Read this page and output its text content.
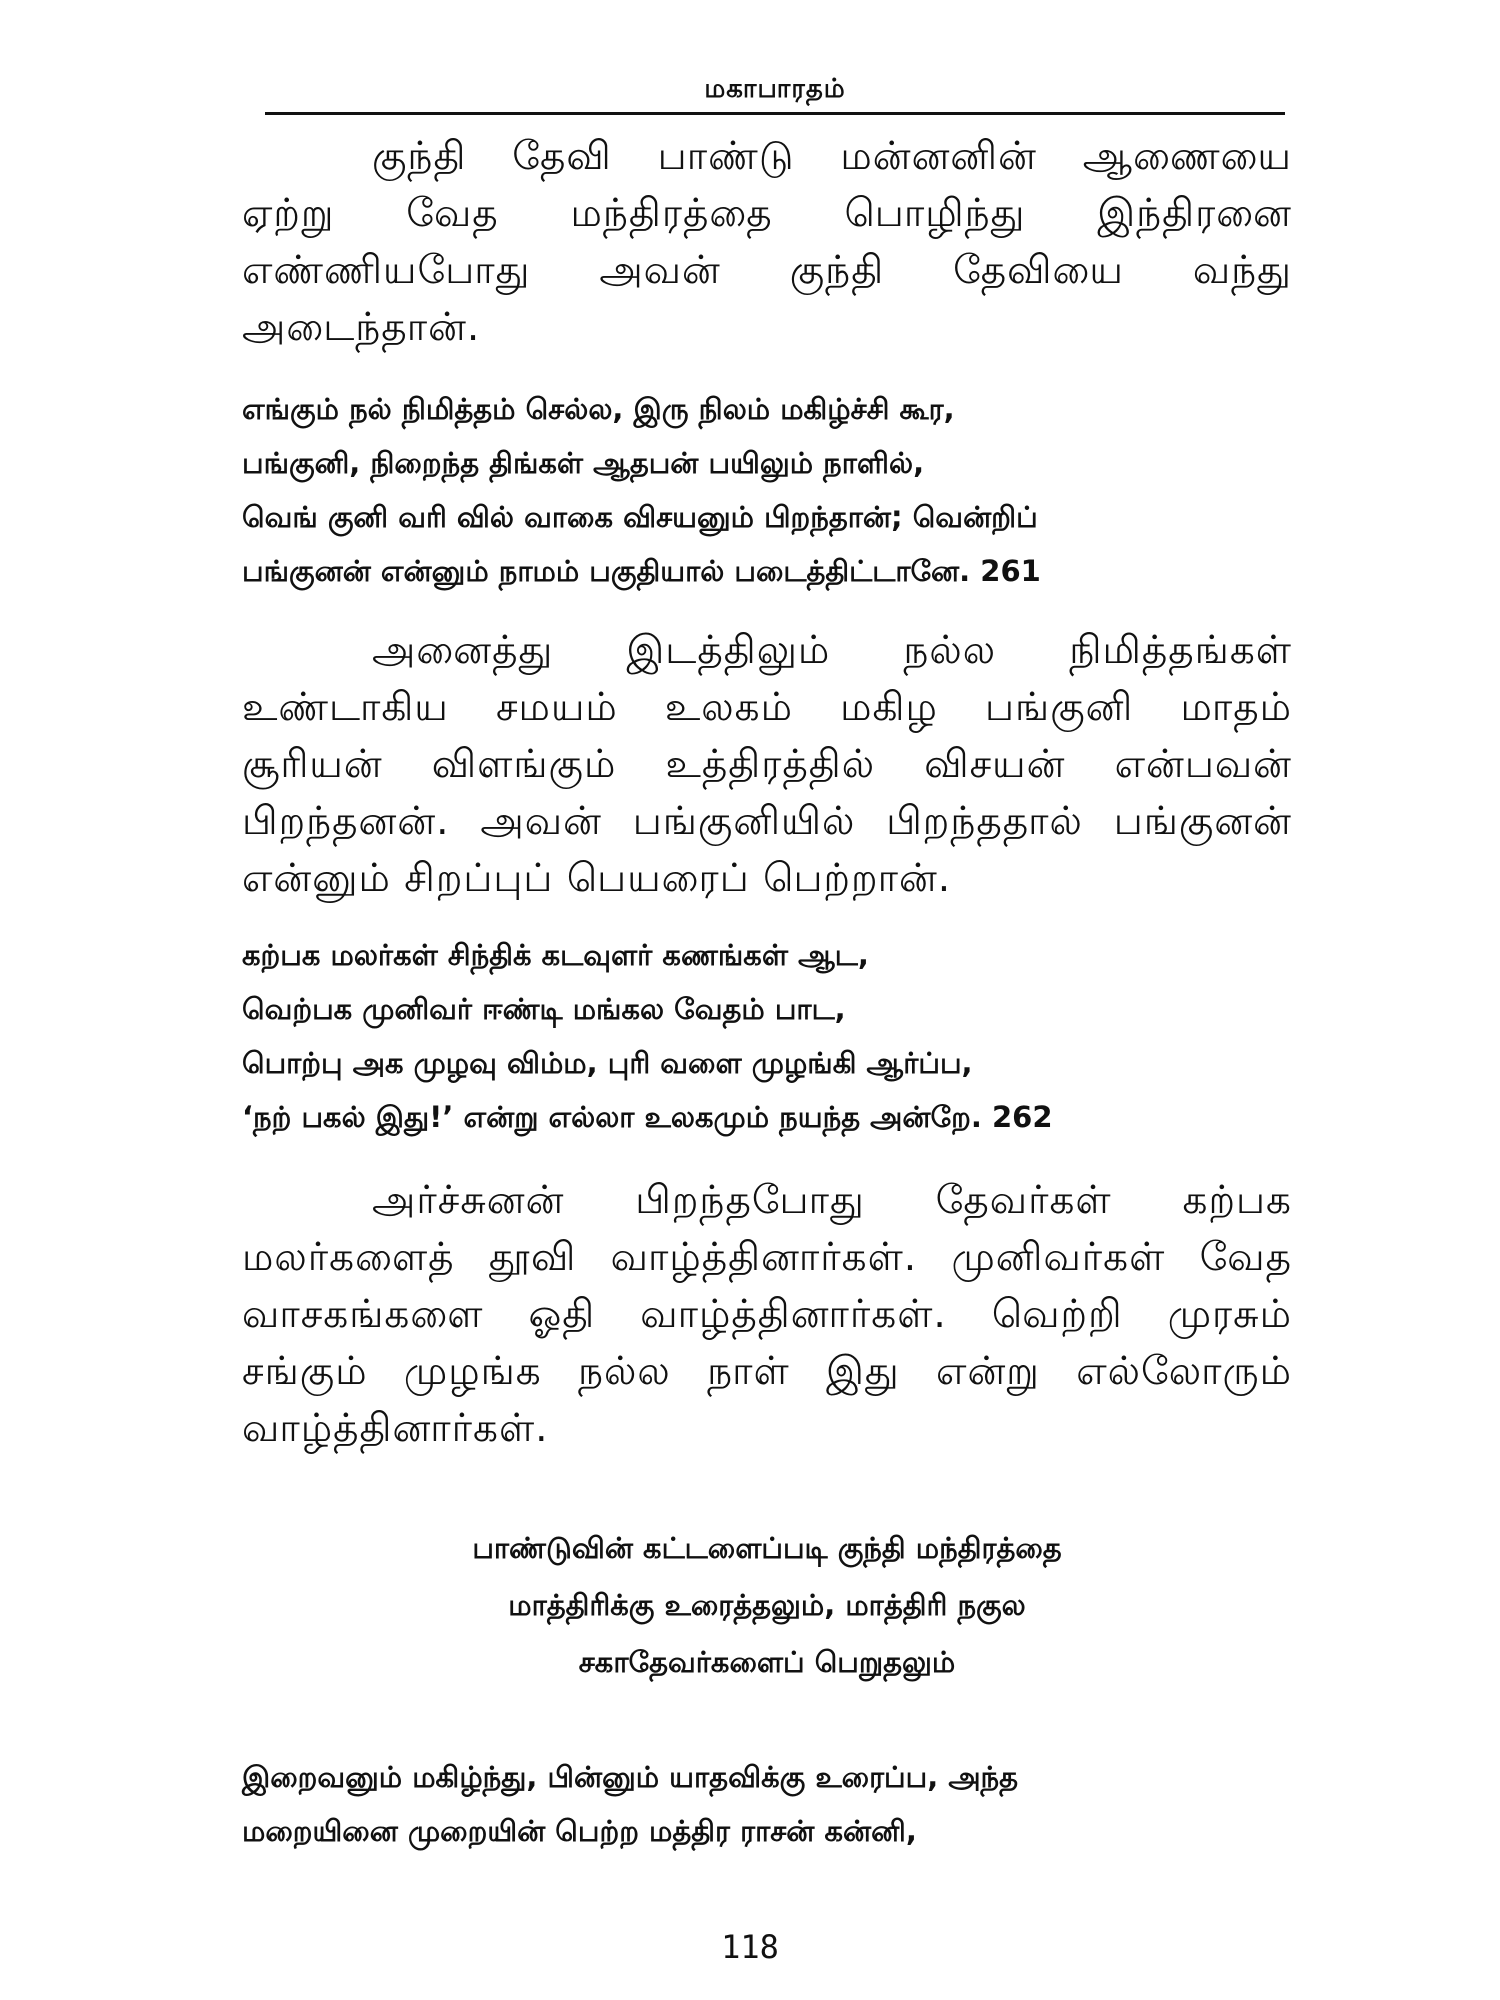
மகாபாரதம்
குந்தி தேவி பாண்டு மன்னனின் ஆணையை
ஏற்று வேத மந்திரத்தை பொழிந்து இந்திரனை
எண்ணியபோது அவன் குந்தி தேவியை வந்து
அடைந்தான்.
எங்கும் நல் நிமித்தம் செல்ல, இரு நிலம் மகிழ்ச்சி கூர,
பங்குனி, நிறைந்த திங்கள் ஆதபன் பயிலும் நாளில்,
வெங் குனி வரி வில் வாகை விசயனும் பிறந்தான்; வென்றிப்
பங்குனன் என்னும் நாமம் பகுதியால் படைத்திட்டானே. 261
அனைத்து இடத்திலும் நல்ல நிமித்தங்கள்
உண்டாகிய சமயம் உலகம் மகிழ பங்குனி மாதம்
சூரியன் விளங்கும் உத்திரத்தில் விசயன் என்பவன்
பிறந்தனன். அவன் பங்குனியில் பிறந்ததால் பங்குனன்
என்னும் சிறப்புப் பெயரைப் பெற்றான்.
கற்பக மலர்கள் சிந்திக் கடவுளர் கணங்கள் ஆட,
வெற்பக முனிவர் ஈண்டி மங்கல வேதம் பாட,
பொற்பு அக முழவு விம்ம, புரி வளை முழங்கி ஆர்ப்ப,
‘நற் பகல் இது!’ என்று எல்லா உலகமும் நயந்த அன்றே. 262
அர்ச்சுனன் பிறந்தபோது தேவர்கள் கற்பக
மலர்களைத் தூவி வாழ்த்தினார்கள். முனிவர்கள் வேத
வாசகங்களை ஓதி வாழ்த்தினார்கள். வெற்றி முரசும்
சங்கும் முழங்க நல்ல நாள் இது என்று எல்லோரும்
வாழ்த்தினார்கள்.
பாண்டுவின் கட்டளைப்படி குந்தி மந்திரத்தை
மாத்திரிக்கு உரைத்தலும், மாத்திரி நகுல
சகாதேவர்களைப் பெறுதலும்
இறைவனும் மகிழ்ந்து, பின்னும் யாதவிக்கு உரைப்ப, அந்த
மறையினை முறையின் பெற்ற மத்திர ராசன் கன்னி,
118
